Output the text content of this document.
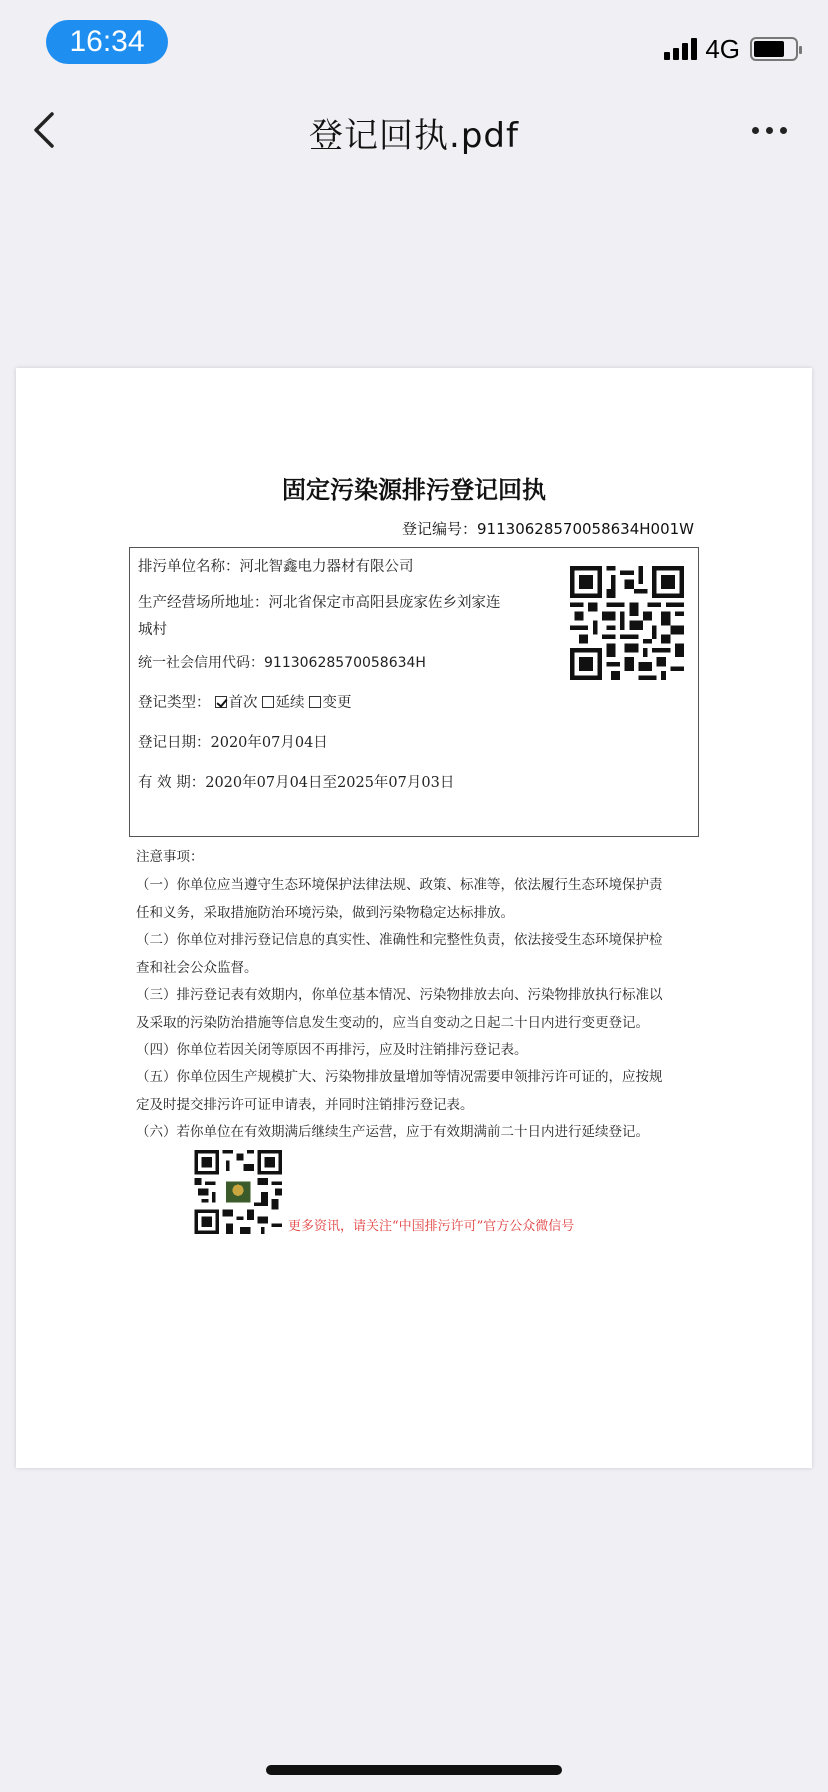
16:34	4G
登记回执.pdf
固定污染源排污登记回执
登记编号：91130628570058634H001W
排污单位名称：河北智鑫电力器材有限公司
生产经营场所地址：河北省保定市高阳县庞家佐乡刘家连
城村
统一社会信用代码：91130628570058634H
登记类型： 首次 延续 变更
登记日期：2020年07月04日
有 效 期：2020年07月04日至2025年07月03日
注意事项：
（一）你单位应当遵守生态环境保护法律法规、政策、标准等，依法履行生态环境保护责
任和义务，采取措施防治环境污染，做到污染物稳定达标排放。
（二）你单位对排污登记信息的真实性、准确性和完整性负责，依法接受生态环境保护检
查和社会公众监督。
（三）排污登记表有效期内，你单位基本情况、污染物排放去向、污染物排放执行标准以
及采取的污染防治措施等信息发生变动的，应当自变动之日起二十日内进行变更登记。
（四）你单位若因关闭等原因不再排污，应及时注销排污登记表。
（五）你单位因生产规模扩大、污染物排放量增加等情况需要申领排污许可证的，应按规
定及时提交排污许可证申请表，并同时注销排污登记表。
（六）若你单位在有效期满后继续生产运营，应于有效期满前二十日内进行延续登记。
更多资讯，请关注“中国排污许可”官方公众微信号
